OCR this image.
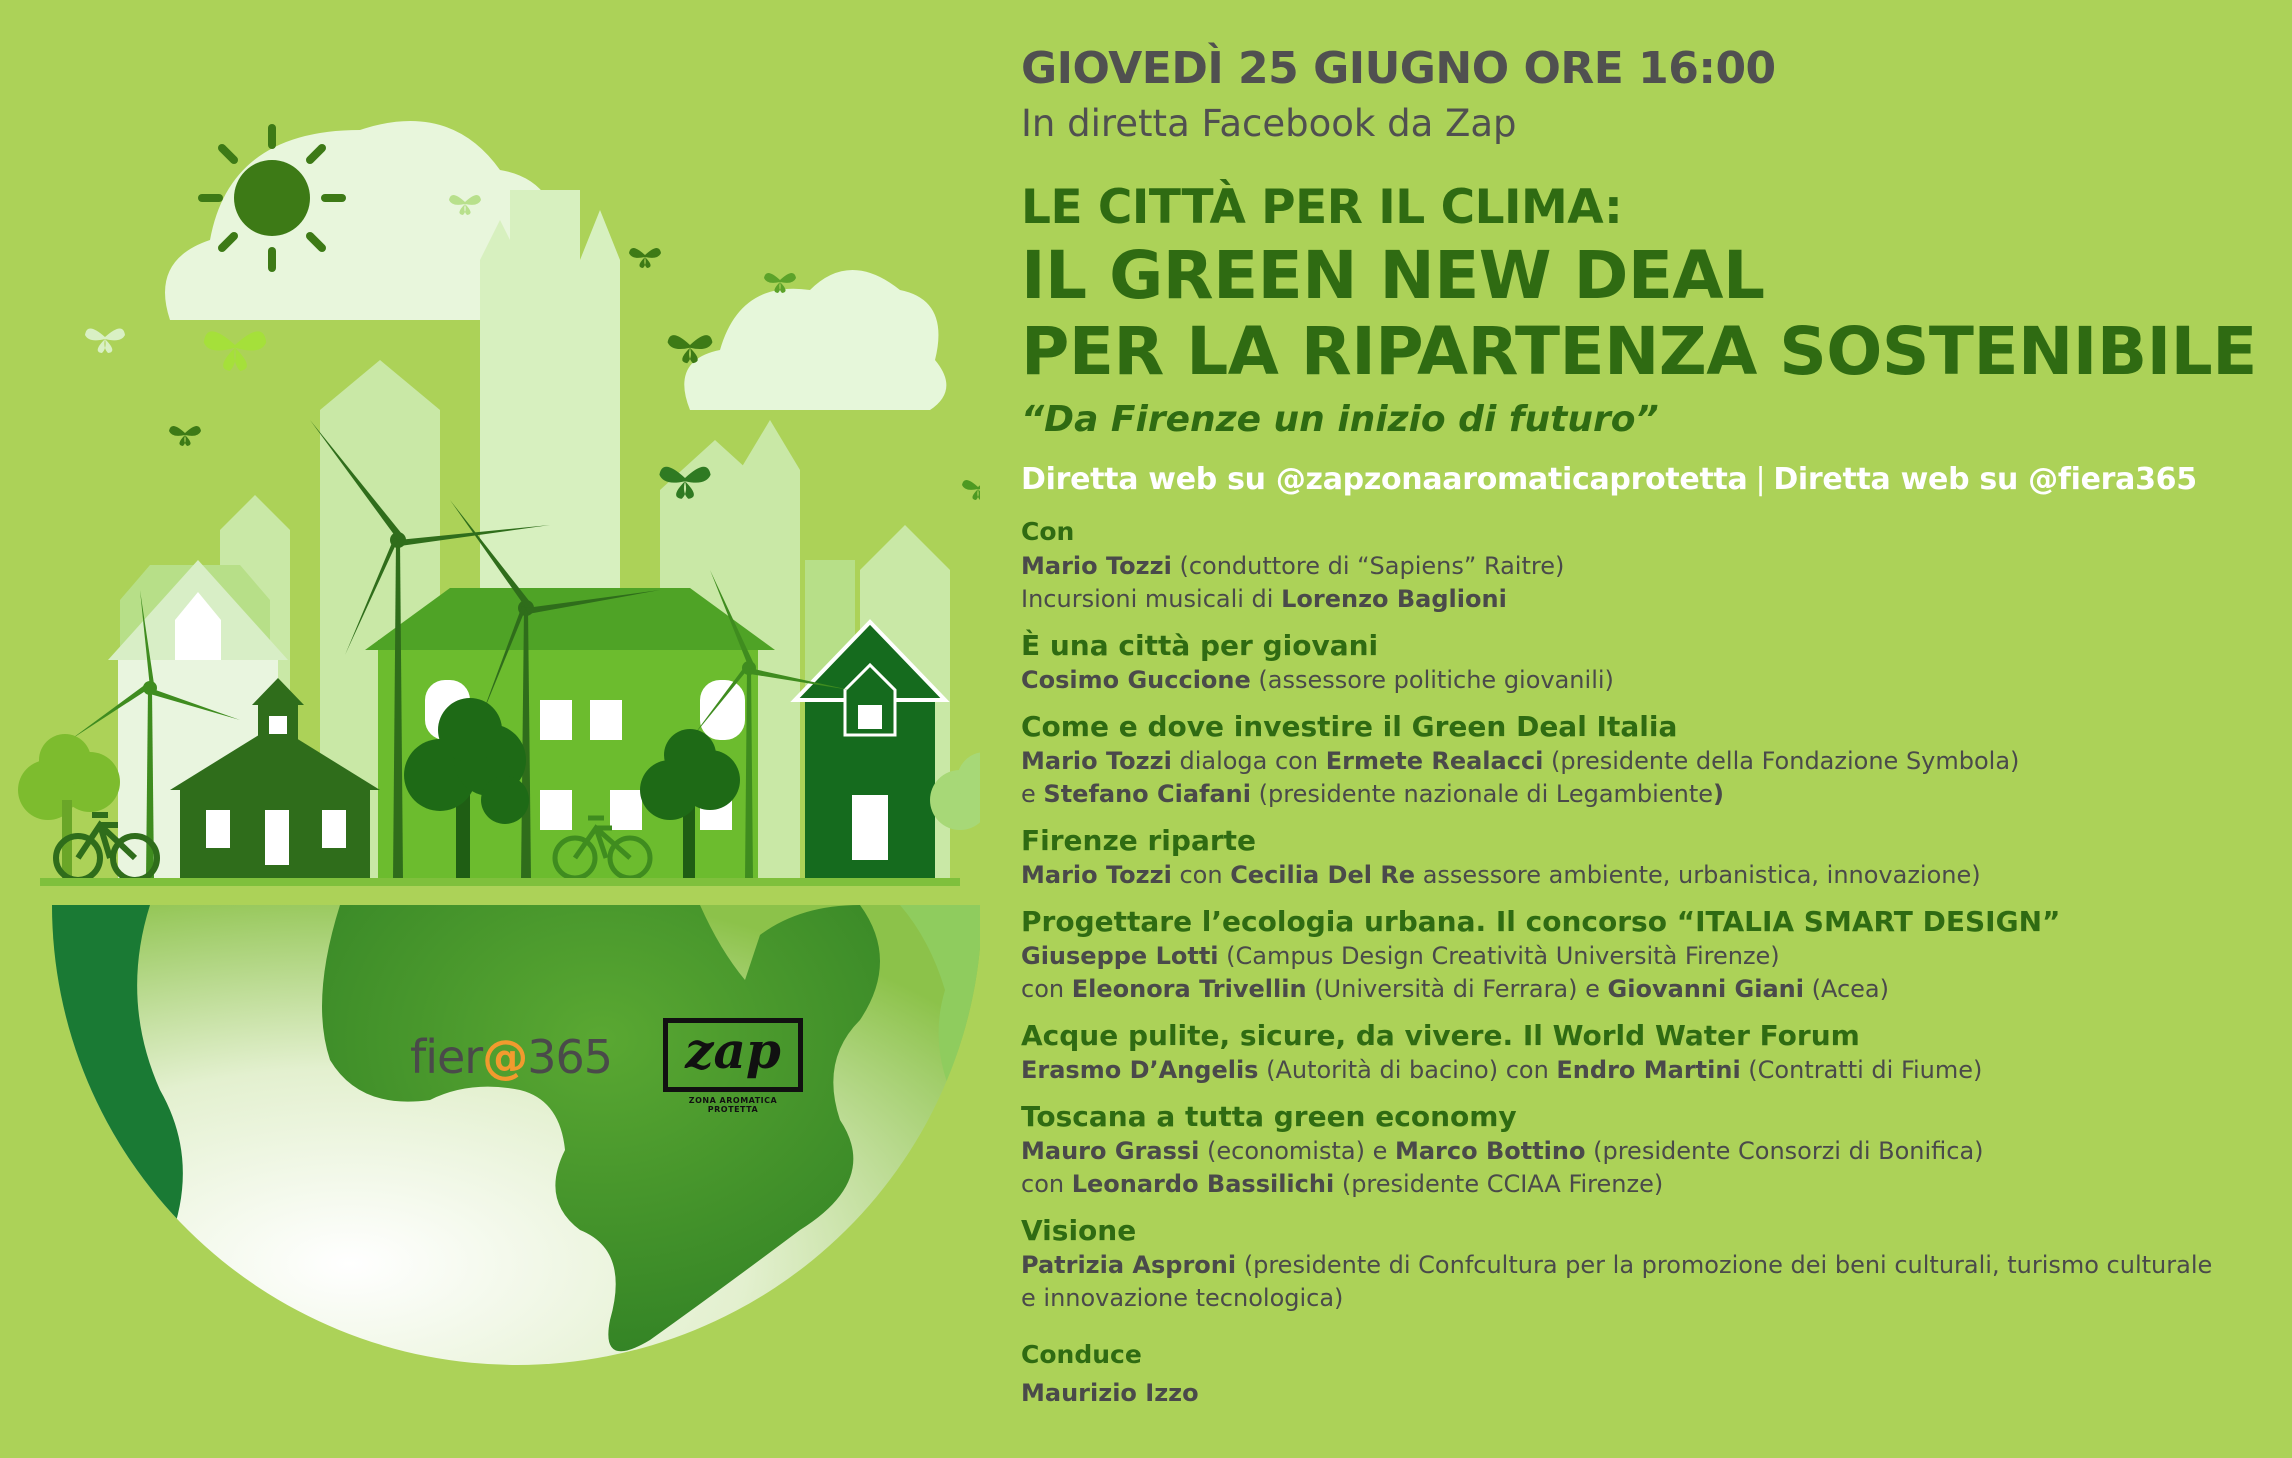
fier@365	zap
ZONA AROMATICA PROTETTA
GIOVEDÌ 25 GIUGNO ORE 16:00
In diretta Facebook da Zap
LE CITTÀ PER IL CLIMA:
IL GREEN NEW DEAL
PER LA RIPARTENZA SOSTENIBILE
“Da Firenze un inizio di futuro”
Diretta web su @zapzonaaromaticaprotetta | Diretta web su @fiera365
Con
Mario Tozzi (conduttore di “Sapiens” Raitre)
Incursioni musicali di Lorenzo Baglioni
È una città per giovani
Cosimo Guccione (assessore politiche giovanili)
Come e dove investire il Green Deal Italia
Mario Tozzi dialoga con Ermete Realacci (presidente della Fondazione Symbola)
e Stefano Ciafani (presidente nazionale di Legambiente)
Firenze riparte
Mario Tozzi con Cecilia Del Re assessore ambiente, urbanistica, innovazione)
Progettare l’ecologia urbana. Il concorso “ITALIA SMART DESIGN”
Giuseppe Lotti (Campus Design Creatività Università Firenze)
con Eleonora Trivellin (Università di Ferrara) e Giovanni Giani (Acea)
Acque pulite, sicure, da vivere. Il World Water Forum
Erasmo D’Angelis (Autorità di bacino) con Endro Martini (Contratti di Fiume)
Toscana a tutta green economy
Mauro Grassi (economista) e Marco Bottino (presidente Consorzi di Bonifica)
con Leonardo Bassilichi (presidente CCIAA Firenze)
Visione
Patrizia Asproni (presidente di Confcultura per la promozione dei beni culturali, turismo culturale
e innovazione tecnologica)
Conduce
Maurizio Izzo
